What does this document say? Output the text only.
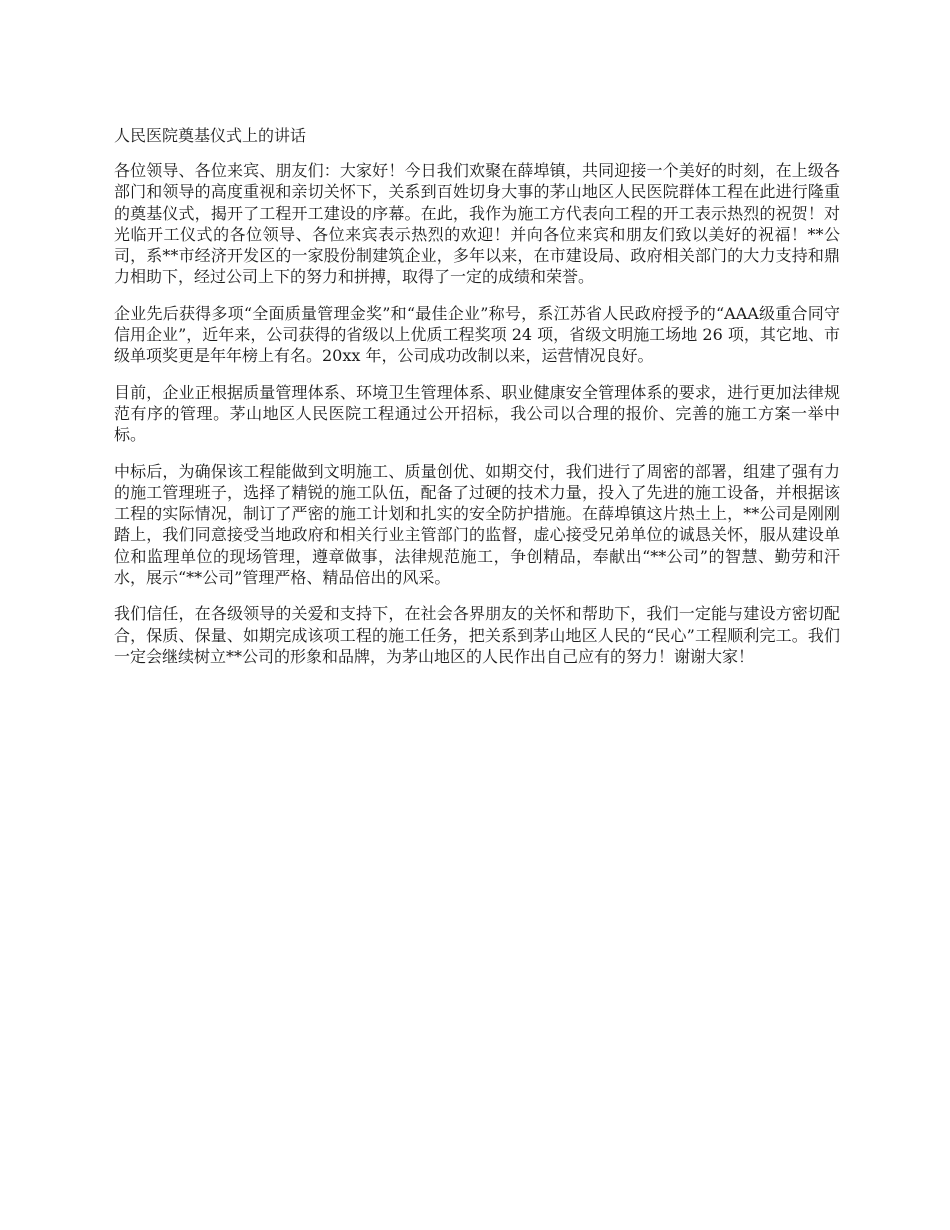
人民医院奠基仪式上的讲话

各位领导、各位来宾、朋友们：大家好！今日我们欢聚在薛埠镇，共同迎接一个美好的时刻，在上级各部门和领导的高度重视和亲切关怀下，关系到百姓切身大事的茅山地区人民医院群体工程在此进行隆重的奠基仪式，揭开了工程开工建设的序幕。在此，我作为施工方代表向工程的开工表示热烈的祝贺！对光临开工仪式的各位领导、各位来宾表示热烈的欢迎！并向各位来宾和朋友们致以美好的祝福！**公司，系**市经济开发区的一家股份制建筑企业，多年以来，在市建设局、政府相关部门的大力支持和鼎力相助下，经过公司上下的努力和拼搏，取得了一定的成绩和荣誉。

企业先后获得多项“全面质量管理金奖”和“最佳企业”称号，系江苏省人民政府授予的“AAA级重合同守信用企业”，近年来，公司获得的省级以上优质工程奖项 24 项，省级文明施工场地 26 项，其它地、市级单项奖更是年年榜上有名。20xx 年，公司成功改制以来，运营情况良好。

目前，企业正根据质量管理体系、环境卫生管理体系、职业健康安全管理体系的要求，进行更加法律规范有序的管理。茅山地区人民医院工程通过公开招标，我公司以合理的报价、完善的施工方案一举中标。

中标后，为确保该工程能做到文明施工、质量创优、如期交付，我们进行了周密的部署，组建了强有力的施工管理班子，选择了精锐的施工队伍，配备了过硬的技术力量，投入了先进的施工设备，并根据该工程的实际情况，制订了严密的施工计划和扎实的安全防护措施。在薛埠镇这片热土上，**公司是刚刚踏上，我们同意接受当地政府和相关行业主管部门的监督，虚心接受兄弟单位的诚恳关怀，服从建设单位和监理单位的现场管理，遵章做事，法律规范施工，争创精品，奉献出“**公司”的智慧、勤劳和汗水，展示“**公司”管理严格、精品倍出的风采。

我们信任，在各级领导的关爱和支持下，在社会各界朋友的关怀和帮助下，我们一定能与建设方密切配合，保质、保量、如期完成该项工程的施工任务，把关系到茅山地区人民的“民心”工程顺利完工。我们一定会继续树立**公司的形象和品牌，为茅山地区的人民作出自己应有的努力！谢谢大家！
